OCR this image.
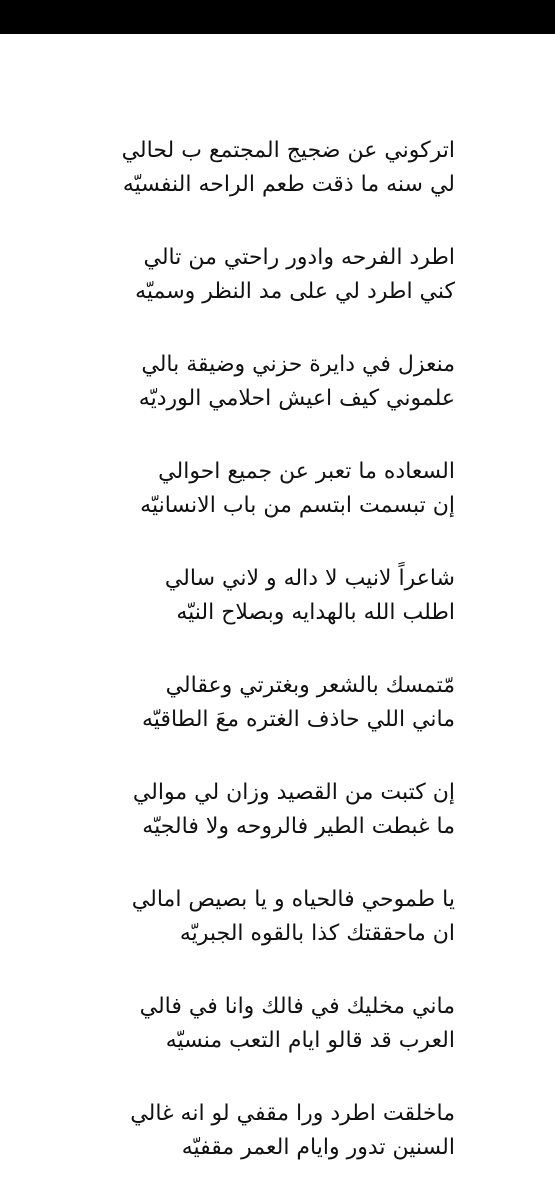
اتركوني عن ضجيج المجتمع ب لحالي
لي سنه ما ذقت طعم الراحه النفسيّه
اطرد الفرحه وادور راحتي من تالي
كني اطرد لي على مد النظر وسميّه
منعزل في دايرة حزني وضيقة بالي
علموني كيف اعيش احلامي الورديّه
السعاده ما تعبر عن جميع احوالي
إن تبسمت ابتسم من باب الانسانيّه
شاعراً لانيب لا داله و لاني سالي
اطلب الله بالهدايه وبصلاح النيّه
مّتمسك بالشعر وبغترتي وعقالي
ماني اللي حاذف الغتره معَ الطاقيّه
إن كتبت من القصيد وزان لي موالي
ما غبطت الطير فالروحه ولا فالجيّه
يا طموحي فالحياه و يا بصيص امالي
ان ماحققتك كذا بالقوه الجبريّه
ماني مخليك في فالك وانا في فالي
العرب قد قالو ايام التعب منسيّه
ماخلقت اطرد ورا مقفي لو انه غالي
السنين تدور وايام العمر مقفيّه
